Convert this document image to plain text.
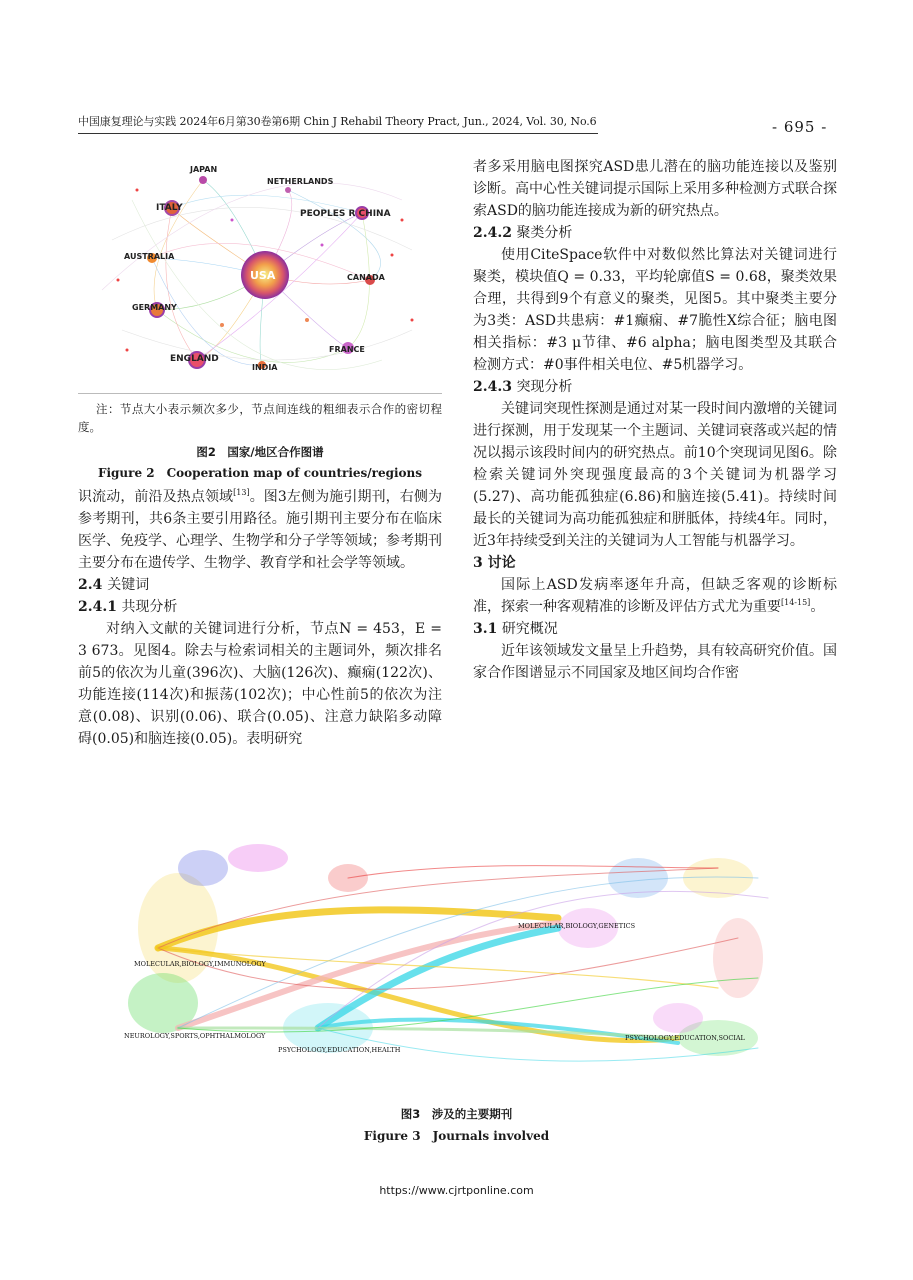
中国康复理论与实践 2024年6月第30卷第6期 Chin J Rehabil Theory Pract, Jun., 2024, Vol. 30, No.6	- 695 -
JAPAN
NETHERLANDS
ITALY
PEOPLES R CHINA
AUSTRALIA
USA	CANADA
GERMANY
FRANCE
ENGLAND
INDIA
注：节点大小表示频次多少，节点间连线的粗细表示合作的密切程度。
图2　国家/地区合作图谱
Figure 2　Cooperation map of countries/regions

识流动，前沿及热点领域[13]。图3左侧为施引期刊，右侧为参考期刊，共6条主要引用路径。施引期刊主要分布在临床医学、免疫学、心理学、生物学和分子学等领域；参考期刊主要分布在遗传学、生物学、教育学和社会学等领域。

2.4 关键词
2.4.1 共现分析

对纳入文献的关键词进行分析，节点N = 453，E = 3 673。见图4。除去与检索词相关的主题词外，频次排名前5的依次为儿童(396次)、大脑(126次)、癫痫(122次)、功能连接(114次)和振荡(102次)；中心性前5的依次为注意(0.08)、识别(0.06)、联合(0.05)、注意力缺陷多动障碍(0.05)和脑连接(0.05)。表明研究

者多采用脑电图探究ASD患儿潜在的脑功能连接以及鉴别诊断。高中心性关键词提示国际上采用多种检测方式联合探索ASD的脑功能连接成为新的研究热点。

2.4.2 聚类分析

使用CiteSpace软件中对数似然比算法对关键词进行聚类，模块值Q = 0.33，平均轮廓值S = 0.68，聚类效果合理，共得到9个有意义的聚类，见图5。其中聚类主要分为3类：ASD共患病：#1癫痫、#7脆性X综合征；脑电图相关指标：#3 μ节律、#6 alpha；脑电图类型及其联合检测方式：#0事件相关电位、#5机器学习。

2.4.3 突现分析

关键词突现性探测是通过对某一段时间内激增的关键词进行探测，用于发现某一个主题词、关键词衰落或兴起的情况以揭示该段时间内的研究热点。前10个突现词见图6。除检索关键词外突现强度最高的3个关键词为机器学习(5.27)、高功能孤独症(6.86)和脑连接(5.41)。持续时间最长的关键词为高功能孤独症和胼胝体，持续4年。同时，近3年持续受到关注的关键词为人工智能与机器学习。

3 讨论

国际上ASD发病率逐年升高，但缺乏客观的诊断标准，探索一种客观精准的诊断及评估方式尤为重要[14-15]。

3.1 研究概况

近年该领域发文量呈上升趋势，具有较高研究价值。国家合作图谱显示不同国家及地区间均合作密

MOLECULAR,BIOLOGY,IMMUNOLOGY
NEUROLOGY,SPORTS,OPHTHALMOLOGY
PSYCHOLOGY,EDUCATION,HEALTH
MOLECULAR,BIOLOGY,GENETICS
PSYCHOLOGY,EDUCATION,SOCIAL
图3　涉及的主要期刊
Figure 3　Journals involved
https://www.cjrtponline.com
